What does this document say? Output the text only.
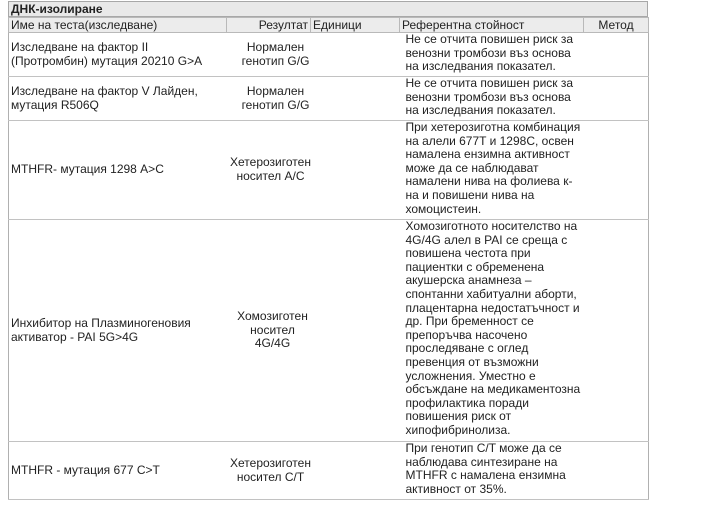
ДНК-изолиране
Име на теста(изследване)	Резултат	Единици	Референтна стойност	Метод
Изследване на фактор II (Протромбин) мутация 20210 G>A	Нормален генотип G/G		Не се отчита повишен риск за венозни тромбози въз основа на изследвания показател.	

Изследване на фактор V Лайден, мутация R506Q	Нормален генотип G/G		Не се отчита повишен риск за венозни тромбози въз основа на изследвания показател.	

MTHFR- мутация 1298 A>C	Хетерозиготен носител A/C		При хетерозиготна комбинация на алели 677T и 1298C, освен намалена ензимна активност може да се наблюдават намалени нива на фолиева к-на и повишени нива на хомоцистеин.	

Инхибитор на Плазминогеновия активатор - PAI 5G>4G	Хомозиготен носител 4G/4G		Хомозиготното носителство на 4G/4G алел в PAI се среща с повишена честота при пациентки с обременена акушерска анамнеза – спонтанни хабитуални аборти, плацентарна недостатъчност и др. При бременност се препоръчва насочено проследяване с оглед превенция от възможни усложнения. Уместно е обсъждане на медикаментозна профилактика поради повишения риск от хипофибринолиза.	

MTHFR - мутация 677 C>T	Хетерозиготен носител C/T		При генотип C/T може да се наблюдава синтезиране на MTHFR с намалена ензимна активност от 35%.	
